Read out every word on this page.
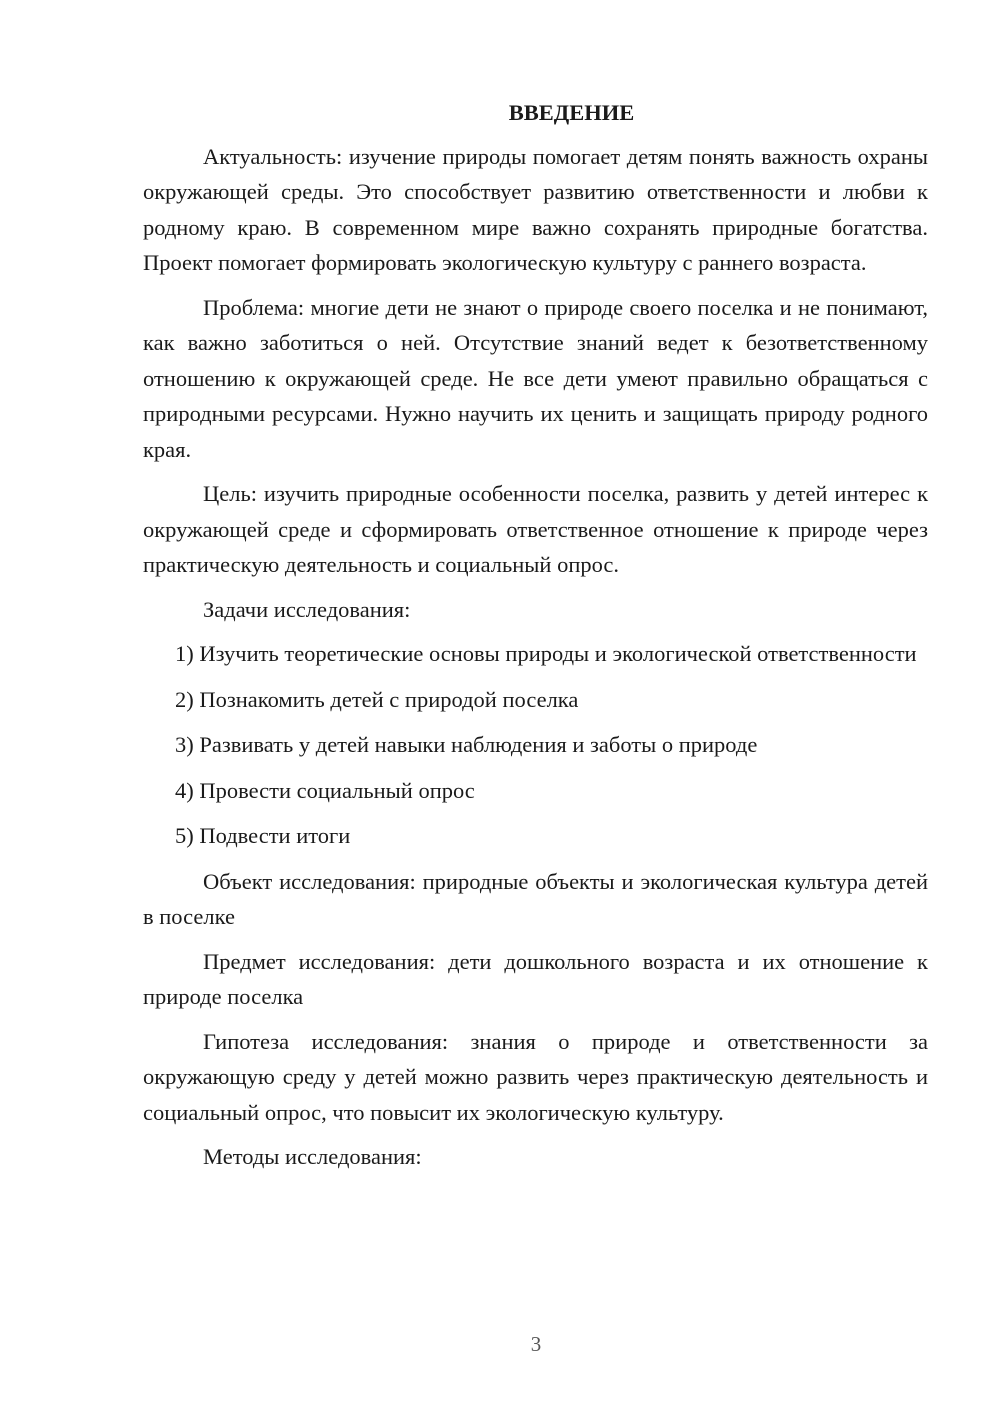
ВВЕДЕНИЕ

Актуальность: изучение природы помогает детям понять важность охраны окружающей среды. Это способствует развитию ответственности и любви к родному краю. В современном мире важно сохранять природные богатства. Проект помогает формировать экологическую культуру с раннего возраста.

Проблема: многие дети не знают о природе своего поселка и не понимают, как важно заботиться о ней. Отсутствие знаний ведет к безответственному отношению к окружающей среде. Не все дети умеют правильно обращаться с природными ресурсами. Нужно научить их ценить и защищать природу родного края.

Цель: изучить природные особенности поселка, развить у детей интерес к окружающей среде и сформировать ответственное отношение к природе через практическую деятельность и социальный опрос.

Задачи исследования:

1) Изучить теоретические основы природы и экологической ответственности
2) Познакомить детей с природой поселка
3) Развивать у детей навыки наблюдения и заботы о природе
4) Провести социальный опрос
5) Подвести итоги

Объект исследования: природные объекты и экологическая культура детей в поселке

Предмет исследования: дети дошкольного возраста и их отношение к природе поселка

Гипотеза исследования: знания о природе и ответственности за окружающую среду у детей можно развить через практическую деятельность и социальный опрос, что повысит их экологическую культуру.

Методы исследования:

3
